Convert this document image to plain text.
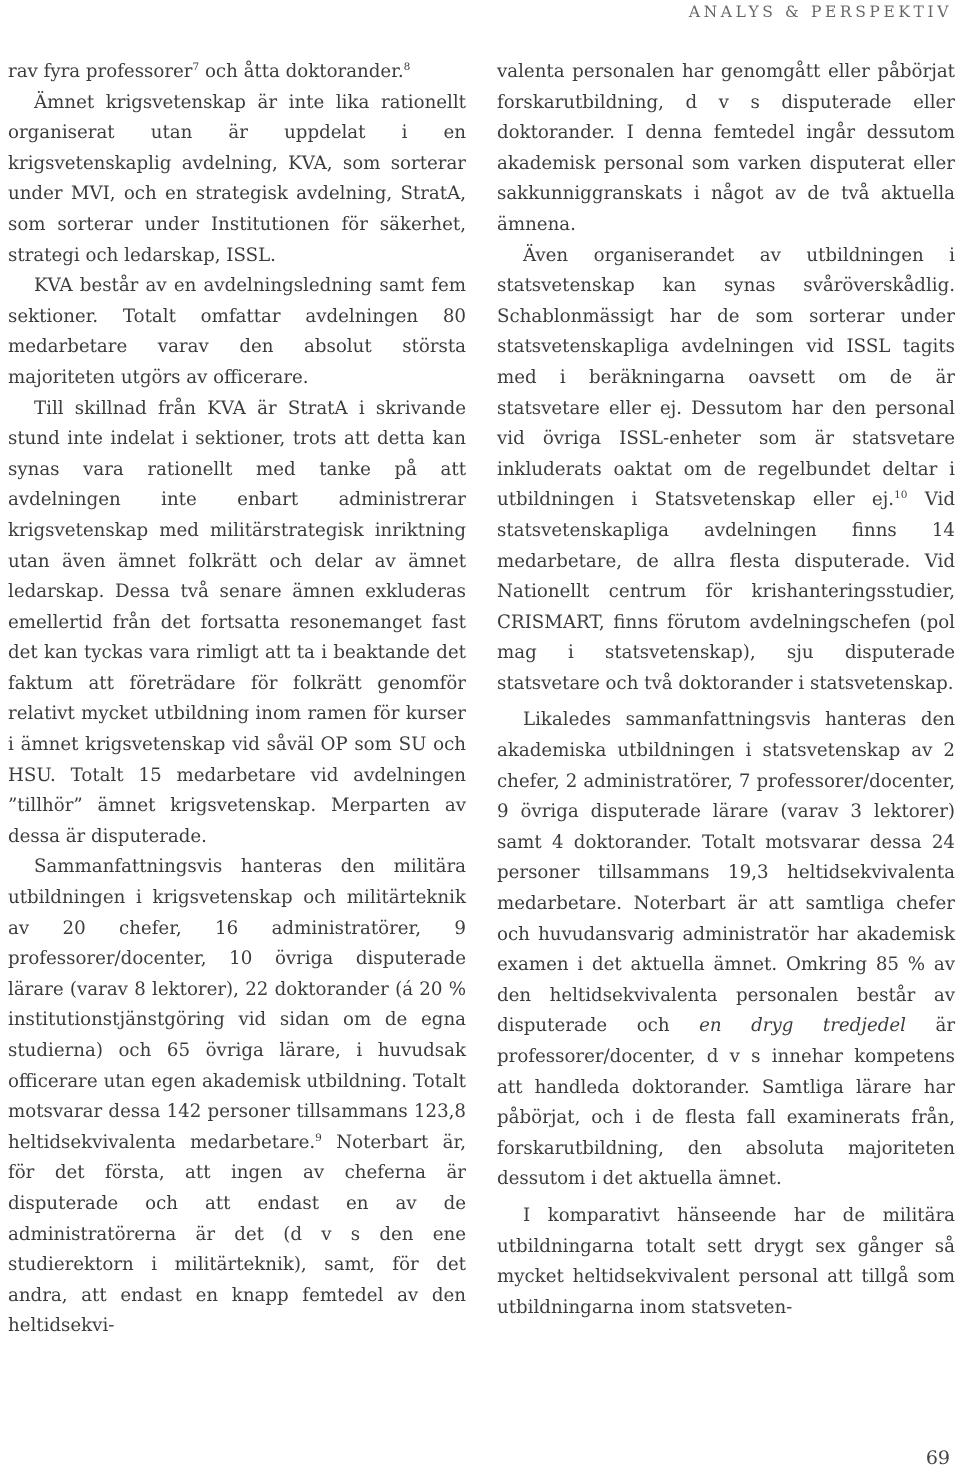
ANALYS & PERSPEKTIV

rav fyra professorer$^7$ och åtta doktorander.$^8$

Ämnet krigsvetenskap är inte lika rationellt organiserat utan är uppdelat i en krigsvetenskaplig avdelning, KVA, som sorterar under MVI, och en strategisk avdelning, StratA, som sorterar under Institutionen för säkerhet, strategi och ledarskap, ISSL.

KVA består av en avdelningsledning samt fem sektioner. Totalt omfattar avdelningen 80 medarbetare varav den absolut största majoriteten utgörs av officerare.

Till skillnad från KVA är StratA i skrivande stund inte indelat i sektioner, trots att detta kan synas vara rationellt med tanke på att avdelningen inte enbart administrerar krigsvetenskap med militärstrategisk inriktning utan även ämnet folkrätt och delar av ämnet ledarskap. Dessa två senare ämnen exkluderas emellertid från det fortsatta resonemanget fast det kan tyckas vara rimligt att ta i beaktande det faktum att företrädare för folkrätt genomför relativt mycket utbildning inom ramen för kurser i ämnet krigsvetenskap vid såväl OP som SU och HSU. Totalt 15 medarbetare vid avdelningen ”tillhör” ämnet krigsvetenskap. Merparten av dessa är disputerade.

Sammanfattningsvis hanteras den militära utbildningen i krigsvetenskap och militärteknik av 20 chefer, 16 administratörer, 9 professorer/docenter, 10 övriga disputerade lärare (varav 8 lektorer), 22 doktorander (á 20 % institutionstjänstgöring vid sidan om de egna studierna) och 65 övriga lärare, i huvudsak officerare utan egen akademisk utbildning. Totalt motsvarar dessa 142 personer tillsammans 123,8 heltidsekvivalenta medarbetare.$^9$ Noterbart är, för det första, att ingen av cheferna är disputerade och att endast en av de administratörerna är det (d v s den ene studierektorn i militärteknik), samt, för det andra, att endast en knapp femtedel av den heltidsekvi-

valenta personalen har genomgått eller påbörjat forskarutbildning, d v s disputerade eller doktorander. I denna femtedel ingår dessutom akademisk personal som varken disputerat eller sakkunniggranskats i något av de två aktuella ämnena.

Även organiserandet av utbildningen i statsvetenskap kan synas svåröverskådlig. Schablonmässigt har de som sorterar under statsvetenskapliga avdelningen vid ISSL tagits med i beräkningarna oavsett om de är statsvetare eller ej. Dessutom har den personal vid övriga ISSL-enheter som är statsvetare inkluderats oaktat om de regelbundet deltar i utbildningen i Statsvetenskap eller ej.$^{10}$ Vid statsvetenskapliga avdelningen finns 14 medarbetare, de allra flesta disputerade. Vid Nationellt centrum för krishanteringsstudier, CRISMART, finns förutom avdelningschefen (pol mag i statsvetenskap), sju disputerade statsvetare och två doktorander i statsvetenskap.

Likaledes sammanfattningsvis hanteras den akademiska utbildningen i statsvetenskap av 2 chefer, 2 administratörer, 7 professorer/docenter, 9 övriga disputerade lärare (varav 3 lektorer) samt 4 doktorander. Totalt motsvarar dessa 24 personer tillsammans 19,3 heltidsekvivalenta medarbetare. Noterbart är att samtliga chefer och huvudansvarig administratör har akademisk examen i det aktuella ämnet. Omkring 85 % av den heltidsekvivalenta personalen består av disputerade och en dryg tredjedel är professorer/docenter, d v s innehar kompetens att handleda doktorander. Samtliga lärare har påbörjat, och i de flesta fall examinerats från, forskarutbildning, den absoluta majoriteten dessutom i det aktuella ämnet.

I komparativt hänseende har de militära utbildningarna totalt sett drygt sex gånger så mycket heltidsekvivalent personal att tillgå som utbildningarna inom statsveten-

69
